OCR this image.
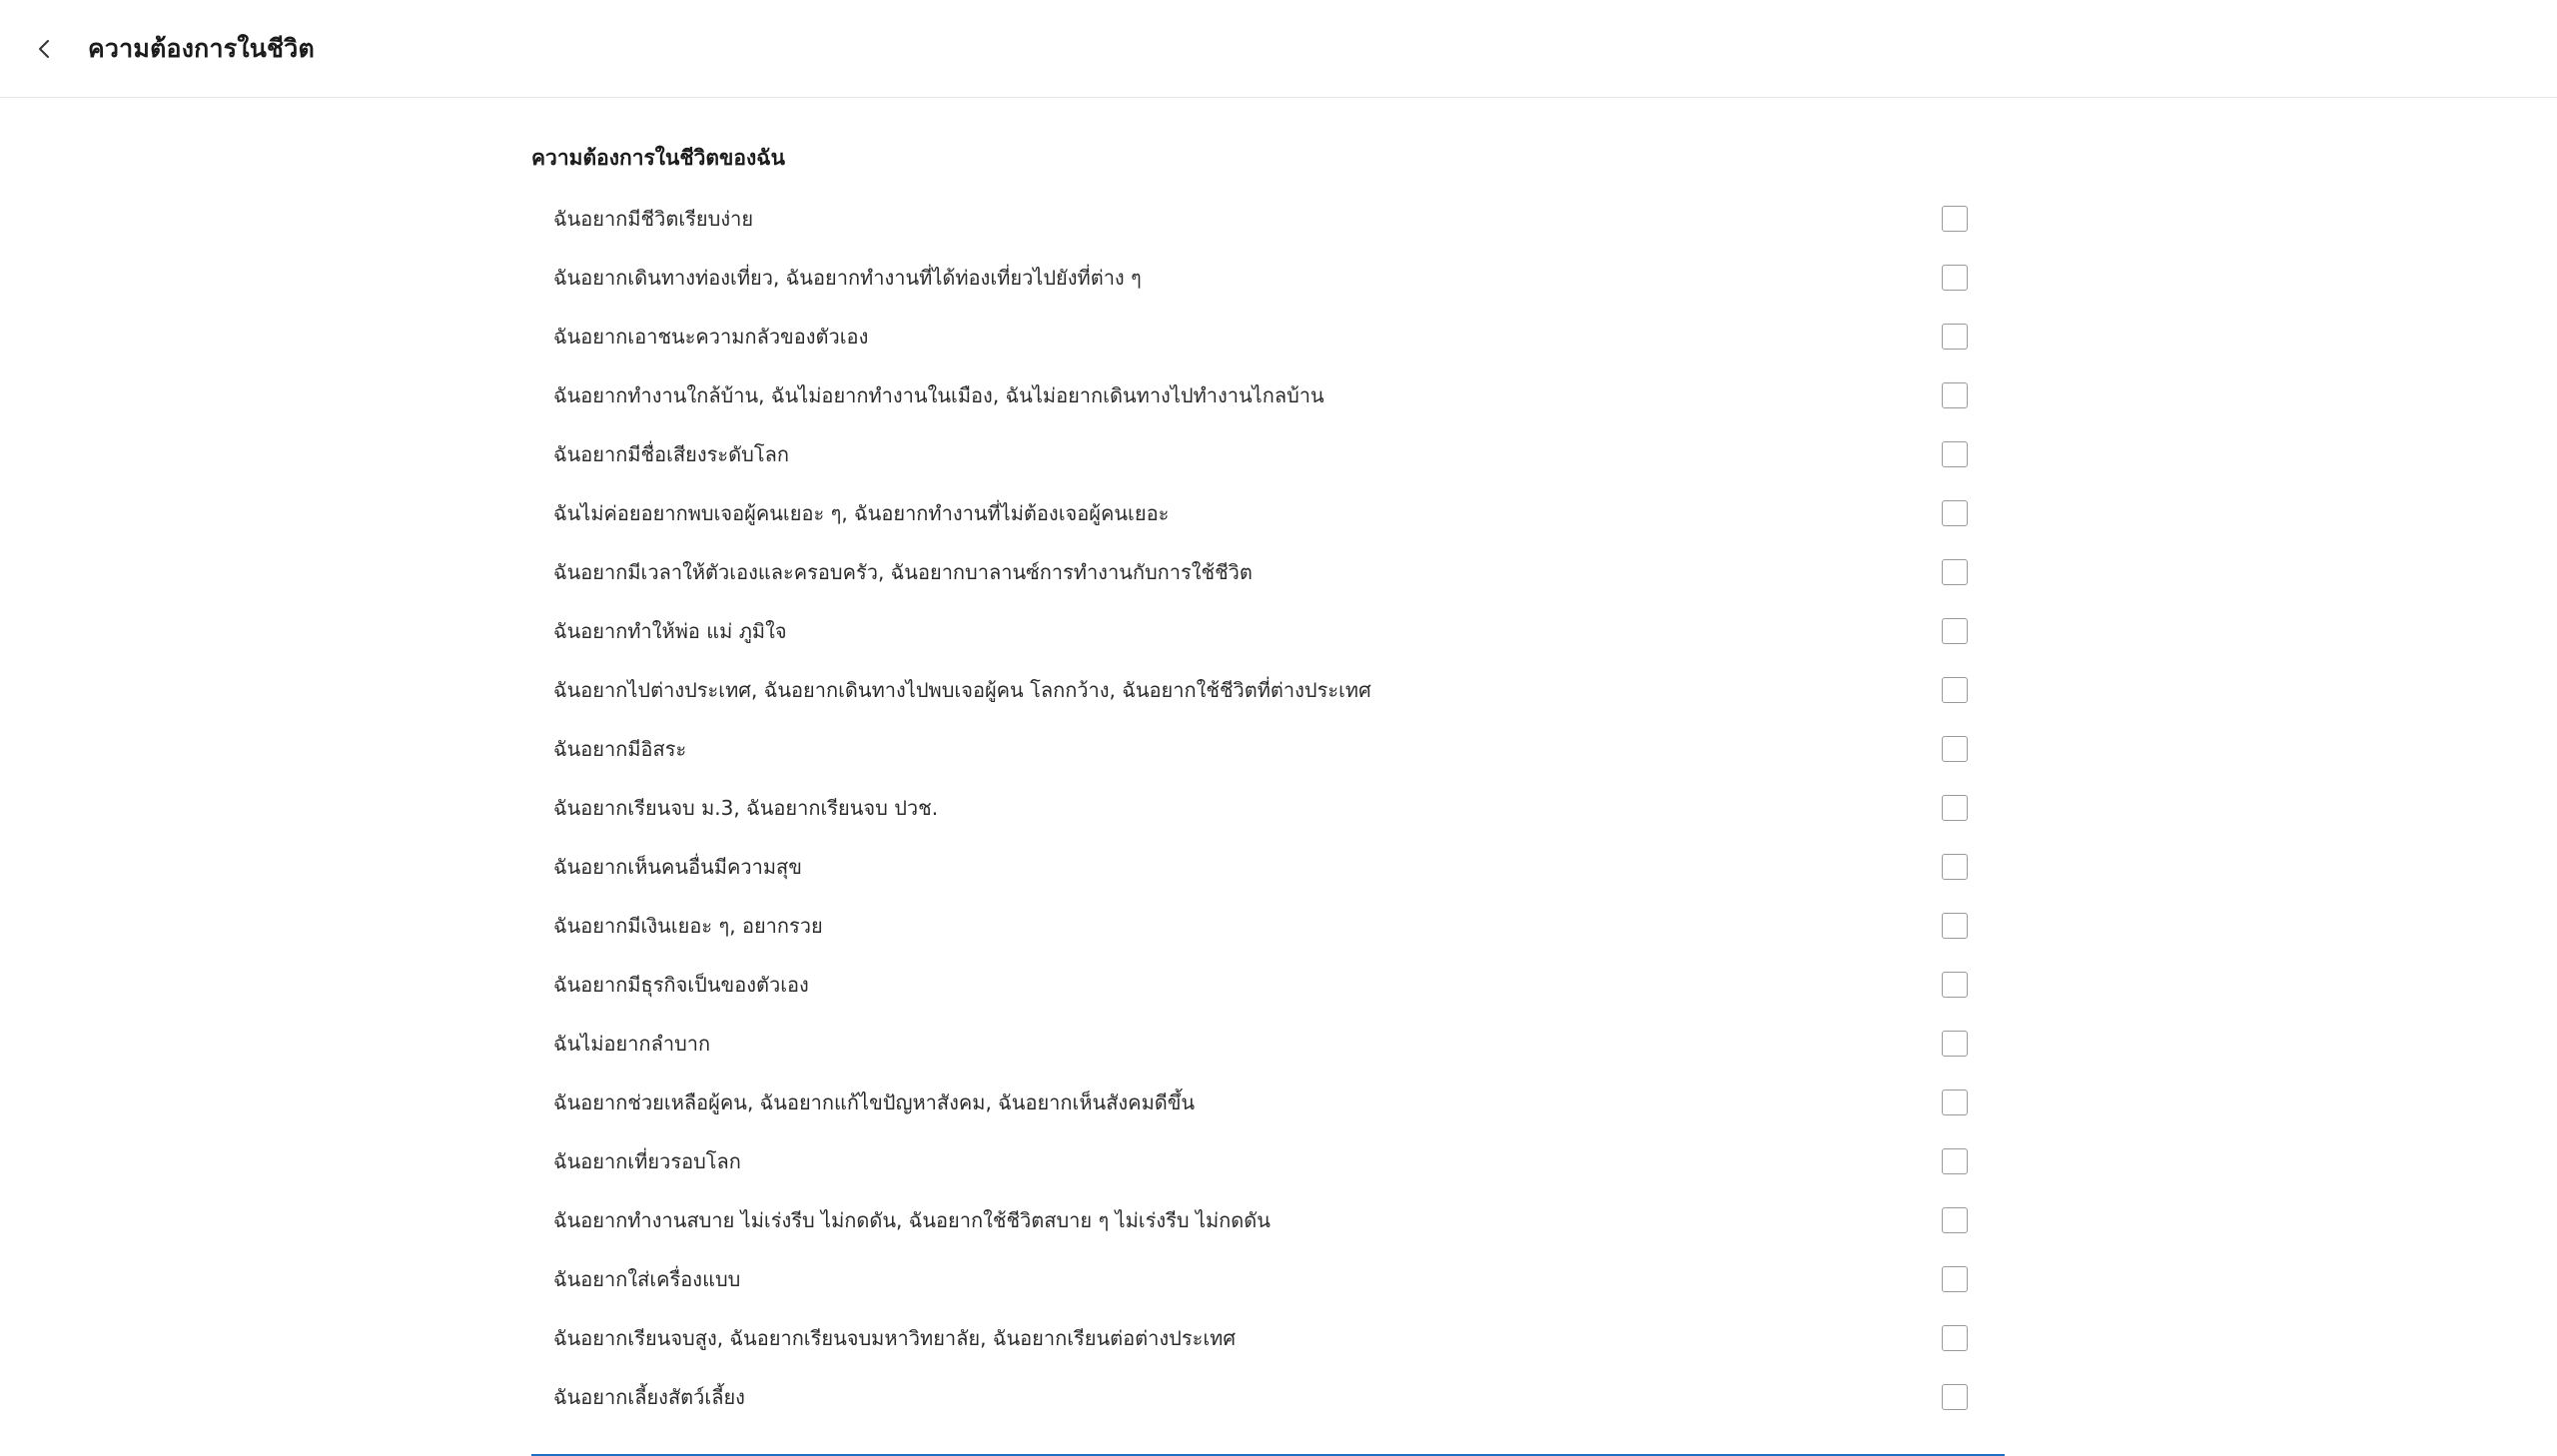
ความต้องการในชีวิต
ความต้องการในชีวิตของฉัน
ฉันอยากมีชีวิตเรียบง่าย
ฉันอยากเดินทางท่องเที่ยว, ฉันอยากทำงานที่ได้ท่องเที่ยวไปยังที่ต่าง ๆ
ฉันอยากเอาชนะความกลัวของตัวเอง
ฉันอยากทำงานใกล้บ้าน, ฉันไม่อยากทำงานในเมือง, ฉันไม่อยากเดินทางไปทำงานไกลบ้าน
ฉันอยากมีชื่อเสียงระดับโลก
ฉันไม่ค่อยอยากพบเจอผู้คนเยอะ ๆ, ฉันอยากทำงานที่ไม่ต้องเจอผู้คนเยอะ
ฉันอยากมีเวลาให้ตัวเองและครอบครัว, ฉันอยากบาลานซ์การทำงานกับการใช้ชีวิต
ฉันอยากทำให้พ่อ แม่ ภูมิใจ
ฉันอยากไปต่างประเทศ, ฉันอยากเดินทางไปพบเจอผู้คน โลกกว้าง, ฉันอยากใช้ชีวิตที่ต่างประเทศ
ฉันอยากมีอิสระ
ฉันอยากเรียนจบ ม.3, ฉันอยากเรียนจบ ปวช.
ฉันอยากเห็นคนอื่นมีความสุข
ฉันอยากมีเงินเยอะ ๆ, อยากรวย
ฉันอยากมีธุรกิจเป็นของตัวเอง
ฉันไม่อยากลำบาก
ฉันอยากช่วยเหลือผู้คน, ฉันอยากแก้ไขปัญหาสังคม, ฉันอยากเห็นสังคมดีขึ้น
ฉันอยากเที่ยวรอบโลก
ฉันอยากทำงานสบาย ไม่เร่งรีบ ไม่กดดัน, ฉันอยากใช้ชีวิตสบาย ๆ ไม่เร่งรีบ ไม่กดดัน
ฉันอยากใส่เครื่องแบบ
ฉันอยากเรียนจบสูง, ฉันอยากเรียนจบมหาวิทยาลัย, ฉันอยากเรียนต่อต่างประเทศ
ฉันอยากเลี้ยงสัตว์เลี้ยง
